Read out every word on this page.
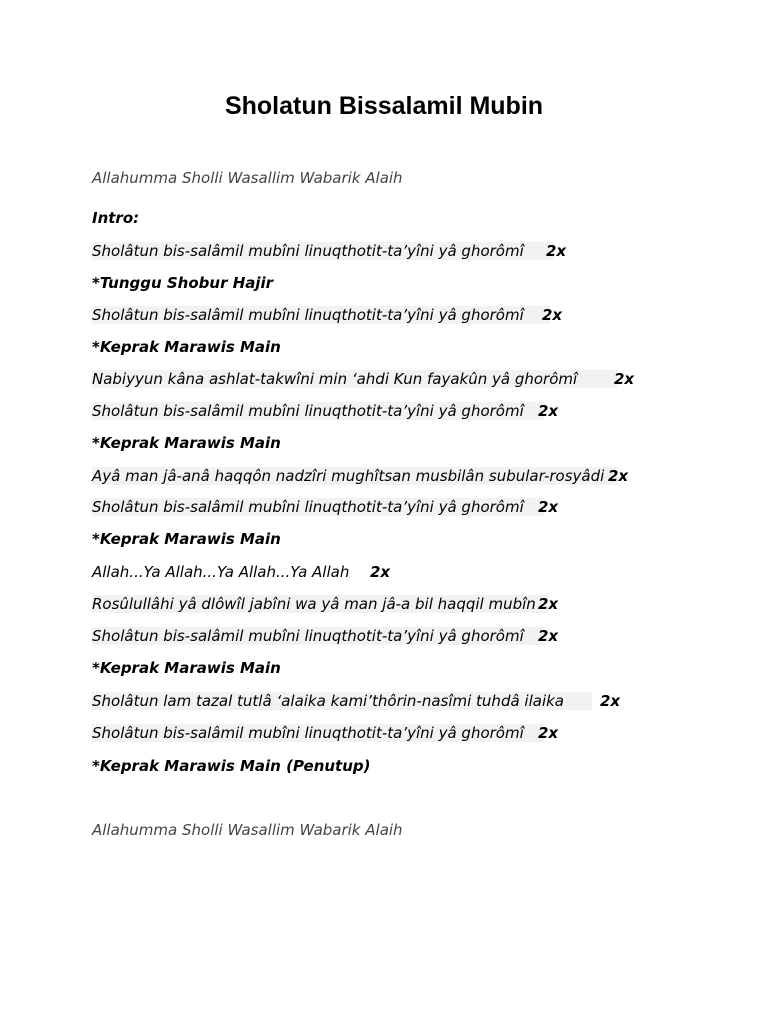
Sholatun Bissalamil Mubin
Allahumma Sholli Wasallim Wabarik Alaih
Intro:
Sholâtun bis-salâmil mubîni linuqthotit-ta’yîni yâ ghorômî 2x
*Tunggu Shobur Hajir
Sholâtun bis-salâmil mubîni linuqthotit-ta’yîni yâ ghorômî 2x
*Keprak Marawis Main
Nabiyyun kâna ashlat-takwîni min ‘ahdi Kun fayakûn yâ ghorômî 2x
Sholâtun bis-salâmil mubîni linuqthotit-ta’yîni yâ ghorômî 2x
*Keprak Marawis Main
Ayâ man jâ-anâ haqqôn nadzîri mughîtsan musbilân subular-rosyâdi 2x
Sholâtun bis-salâmil mubîni linuqthotit-ta’yîni yâ ghorômî 2x
*Keprak Marawis Main
Allah...Ya Allah...Ya Allah...Ya Allah 2x
Rosûlullâhi yâ dlôwîl jabîni wa yâ man jâ-a bil haqqil mubîn 2x
Sholâtun bis-salâmil mubîni linuqthotit-ta’yîni yâ ghorômî 2x
*Keprak Marawis Main
Sholâtun lam tazal tutlâ ‘alaika kami’thôrin-nasîmi tuhdâ ilaika 2x
Sholâtun bis-salâmil mubîni linuqthotit-ta’yîni yâ ghorômî 2x
*Keprak Marawis Main (Penutup)
Allahumma Sholli Wasallim Wabarik Alaih
